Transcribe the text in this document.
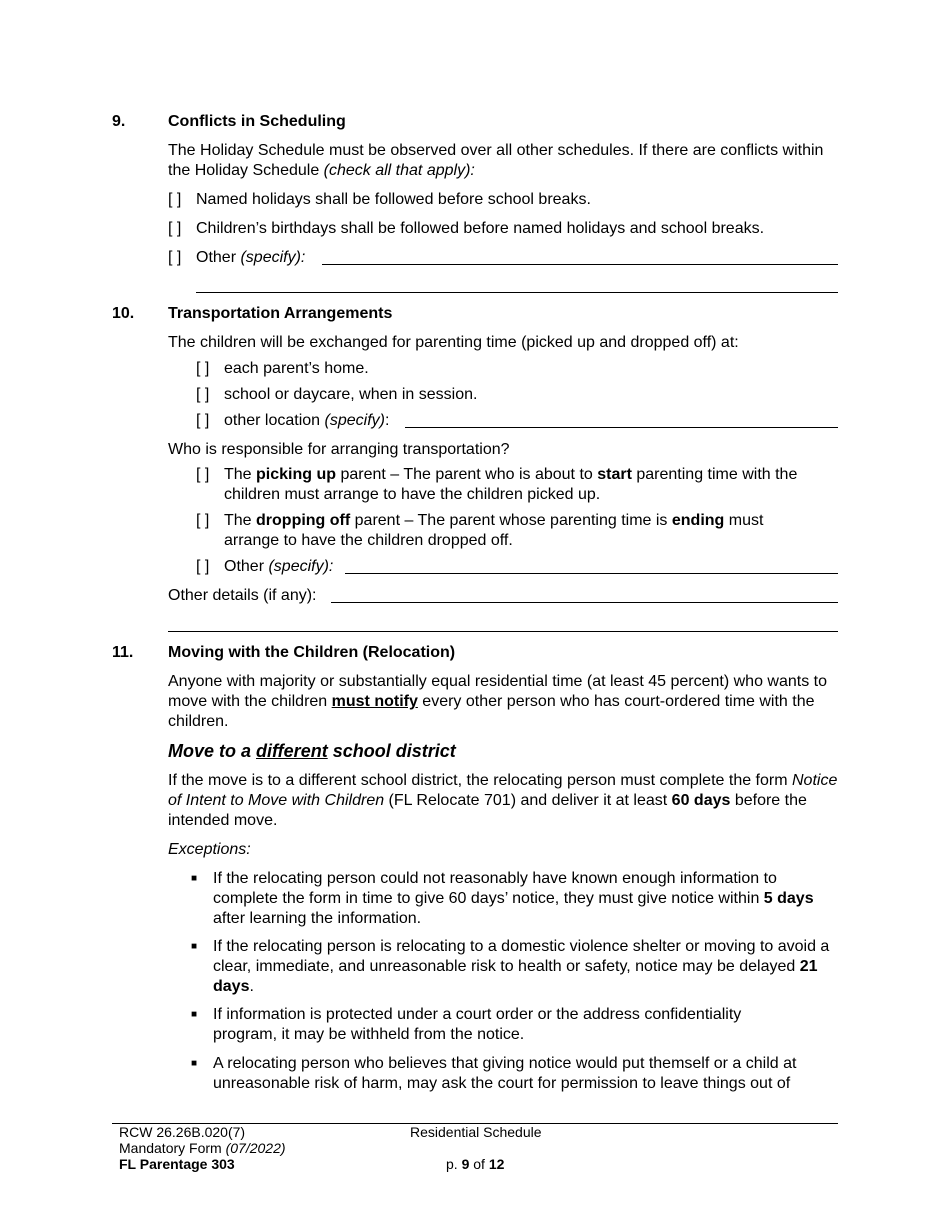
9.	Conflicts in Scheduling
The Holiday Schedule must be observed over all other schedules. If there are conflicts within the Holiday Schedule (check all that apply):
[ ] Named holidays shall be followed before school breaks.
[ ] Children’s birthdays shall be followed before named holidays and school breaks.
[ ] Other (specify):
10. Transportation Arrangements
The children will be exchanged for parenting time (picked up and dropped off) at:
[ ] each parent’s home.
[ ] school or daycare, when in session.
[ ] other location (specify):
Who is responsible for arranging transportation?
[ ] The picking up parent – The parent who is about to start parenting time with the children must arrange to have the children picked up.
[ ] The dropping off parent – The parent whose parenting time is ending must arrange to have the children dropped off.
[ ] Other (specify):
Other details (if any):
11. Moving with the Children (Relocation)
Anyone with majority or substantially equal residential time (at least 45 percent) who wants to move with the children must notify every other person who has court-ordered time with the children.
Move to a different school district
If the move is to a different school district, the relocating person must complete the form Notice of Intent to Move with Children (FL Relocate 701) and deliver it at least 60 days before the intended move.
Exceptions:
■ If the relocating person could not reasonably have known enough information to complete the form in time to give 60 days’ notice, they must give notice within 5 days after learning the information.
■ If the relocating person is relocating to a domestic violence shelter or moving to avoid a clear, immediate, and unreasonable risk to health or safety, notice may be delayed 21 days.
■ If information is protected under a court order or the address confidentiality program, it may be withheld from the notice.
■ A relocating person who believes that giving notice would put themself or a child at unreasonable risk of harm, may ask the court for permission to leave things out of
RCW 26.26B.020(7)
Mandatory Form (07/2022)
FL Parentage 303
Residential Schedule
p. 9 of 12
